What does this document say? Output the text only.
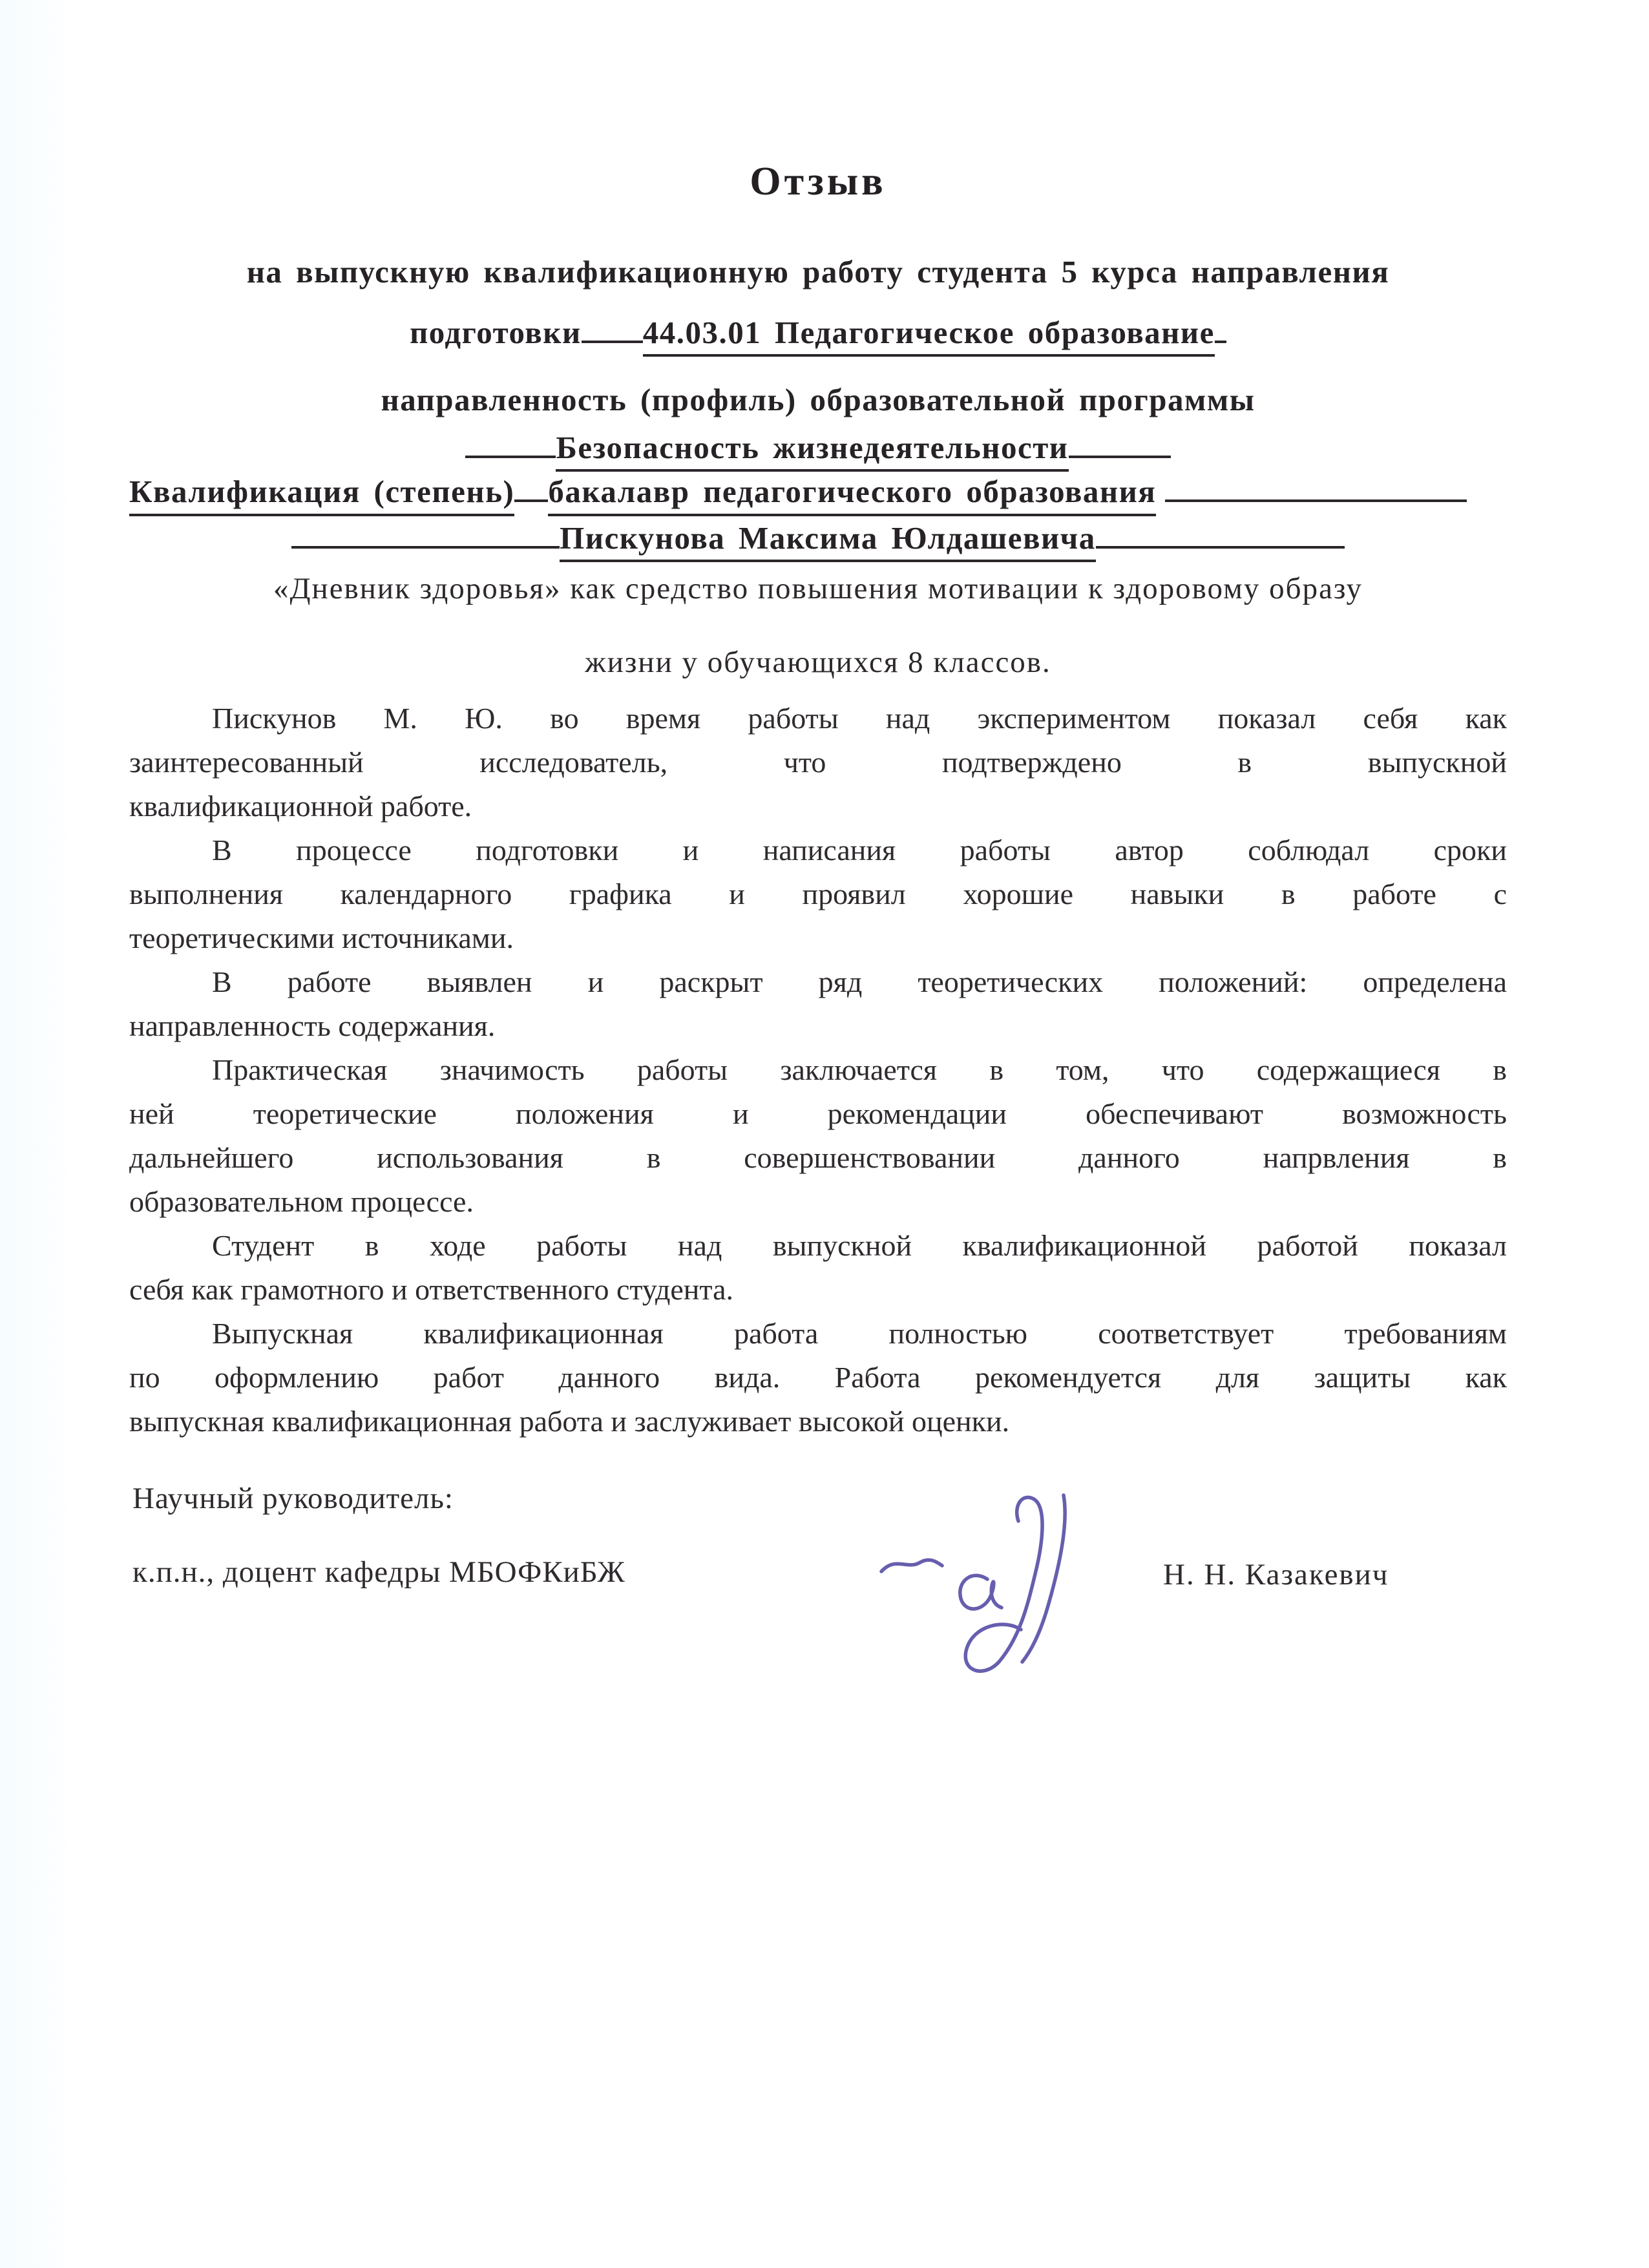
Отзыв
на выпускную квалификационную работу студента 5 курса направления
подготовки 44.03.01 Педагогическое образование
направленность (профиль) образовательной программы
Безопасность жизнедеятельности
Квалификация (степень) бакалавр педагогического образования
Пискунова Максима Юлдашевича
«Дневник здоровья» как средство повышения мотивации к здоровому образу
жизни у обучающихся 8 классов.
Пискунов М. Ю. во время работы над экспериментом показал себя как
заинтересованный исследователь, что подтверждено в выпускной
квалификационной работе.
В процессе подготовки и написания работы автор соблюдал сроки
выполнения календарного графика и проявил хорошие навыки в работе с
теоретическими источниками.
В работе выявлен и раскрыт ряд теоретических положений: определена
направленность содержания.
Практическая значимость работы заключается в том, что содержащиеся в
ней теоретические положения и рекомендации обеспечивают возможность
дальнейшего использования в совершенствовании данного напрвления в
образовательном процессе.
Студент в ходе работы над выпускной квалификационной работой показал
себя как грамотного и ответственного студента.
Выпускная квалификационная работа полностью соответствует требованиям
по оформлению работ данного вида. Работа рекомендуется для защиты как
выпускная квалификационная работа и заслуживает высокой оценки.
Научный руководитель:
к.п.н., доцент кафедры МБОФКиБЖ	Н. Н. Казакевич
